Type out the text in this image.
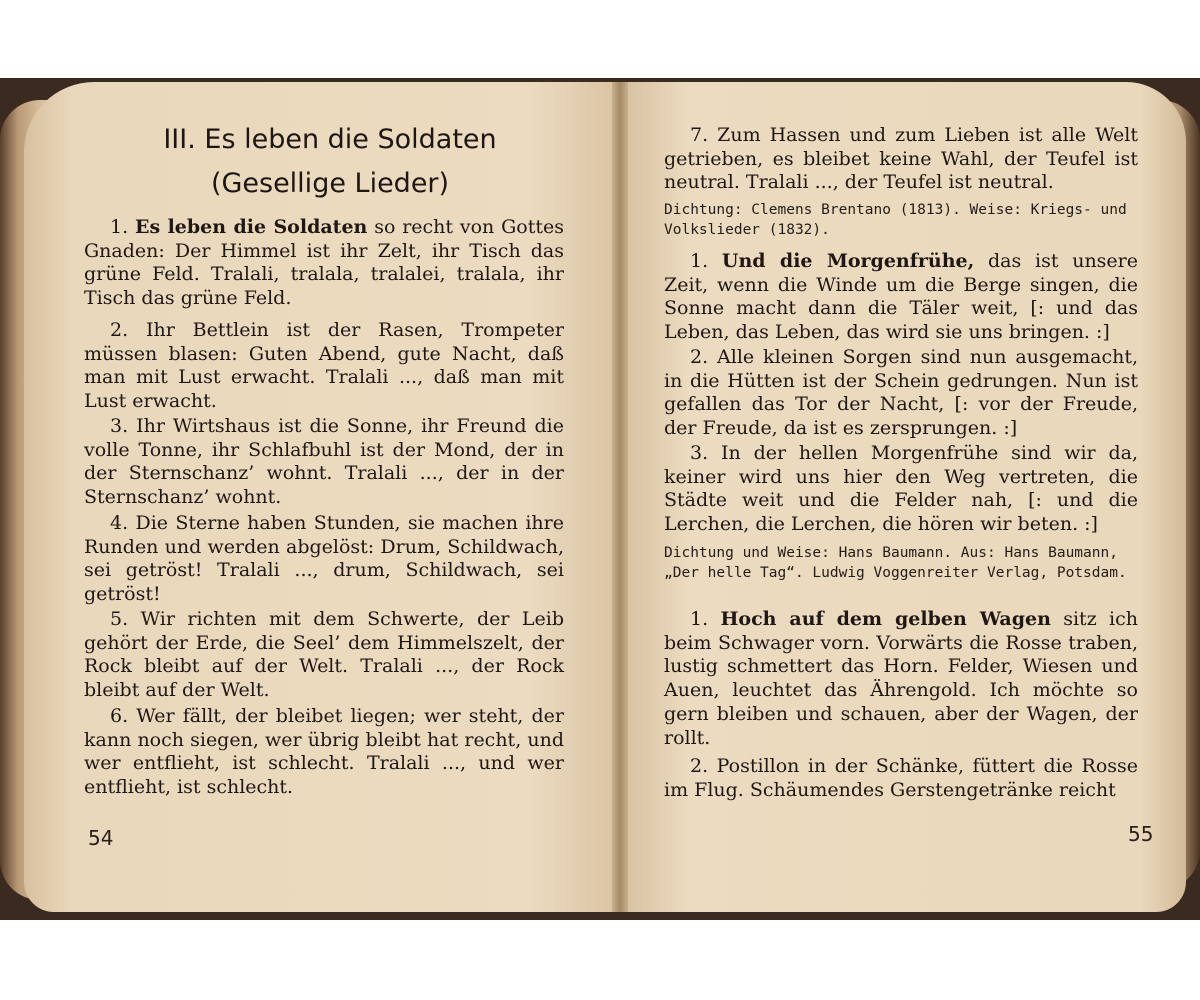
III. Es leben die Soldaten
(Gesellige Lieder)
1. Es leben die Soldaten so recht von Gottes Gnaden: Der Himmel ist ihr Zelt, ihr Tisch das grüne Feld. Tralali, tralala, tralalei, tralala, ihr Tisch das grüne Feld.
2. Ihr Bettlein ist der Rasen, Trompeter müssen blasen: Guten Abend, gute Nacht, daß man mit Lust erwacht. Tralali ..., daß man mit Lust erwacht.
3. Ihr Wirtshaus ist die Sonne, ihr Freund die volle Tonne, ihr Schlafbuhl ist der Mond, der in der Sternschanz’ wohnt. Tralali ..., der in der Sternschanz’ wohnt.
4. Die Sterne haben Stunden, sie machen ihre Runden und werden abgelöst: Drum, Schildwach, sei getröst! Tralali ..., drum, Schildwach, sei getröst!
5. Wir richten mit dem Schwerte, der Leib gehört der Erde, die Seel’ dem Himmelszelt, der Rock bleibt auf der Welt. Tralali ..., der Rock bleibt auf der Welt.
6. Wer fällt, der bleibet liegen; wer steht, der kann noch siegen, wer übrig bleibt hat recht, und wer entflieht, ist schlecht. Tralali ..., und wer entflieht, ist schlecht.
54
7. Zum Hassen und zum Lieben ist alle Welt getrieben, es bleibet keine Wahl, der Teufel ist neutral. Tralali ..., der Teufel ist neutral.
Dichtung: Clemens Brentano (1813). Weise: Kriegs- und Volkslieder (1832).
1. Und die Morgenfrühe, das ist unsere Zeit, wenn die Winde um die Berge singen, die Sonne macht dann die Täler weit, [: und das Leben, das Leben, das wird sie uns bringen. :]
2. Alle kleinen Sorgen sind nun ausgemacht, in die Hütten ist der Schein gedrungen. Nun ist gefallen das Tor der Nacht, [: vor der Freude, der Freude, da ist es zersprungen. :]
3. In der hellen Morgenfrühe sind wir da, keiner wird uns hier den Weg vertreten, die Städte weit und die Felder nah, [: und die Lerchen, die Lerchen, die hören wir beten. :]
Dichtung und Weise: Hans Baumann. Aus: Hans Baumann, „Der helle Tag“. Ludwig Voggenreiter Verlag, Potsdam.
1. Hoch auf dem gelben Wagen sitz ich beim Schwager vorn. Vorwärts die Rosse traben, lustig schmettert das Horn. Felder, Wiesen und Auen, leuchtet das Ährengold. Ich möchte so gern bleiben und schauen, aber der Wagen, der rollt.
2. Postillon in der Schänke, füttert die Rosse im Flug. Schäumendes Gerstengetränke reicht
55
